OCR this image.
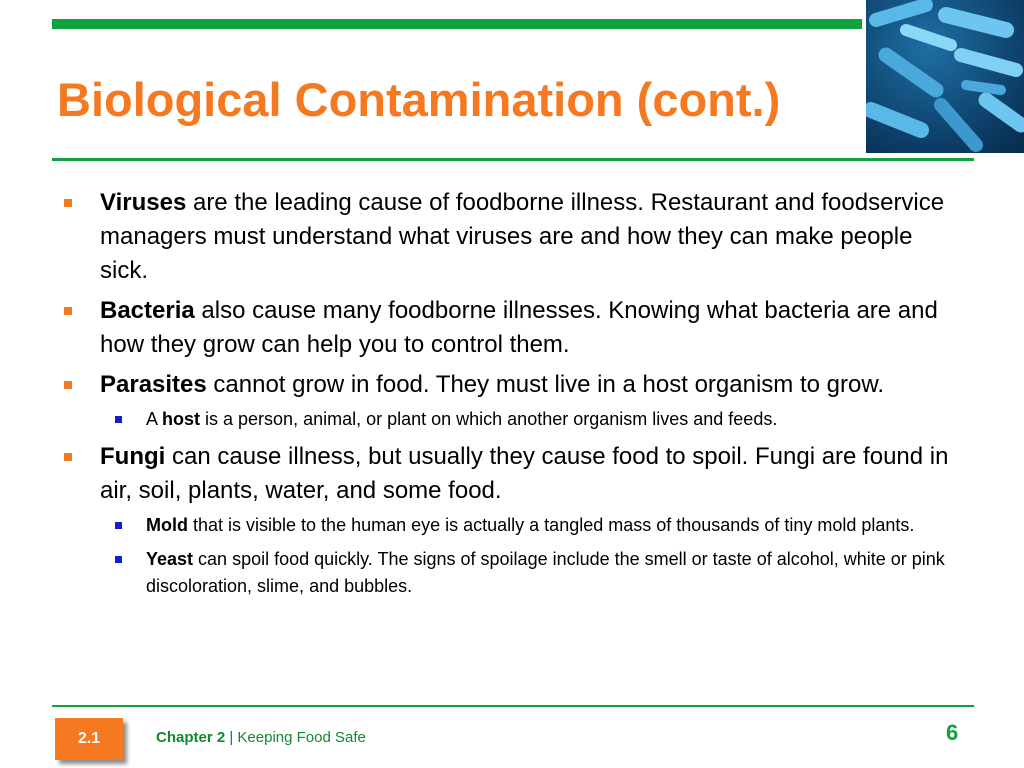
Biological Contamination (cont.)
Viruses are the leading cause of foodborne illness. Restaurant and foodservice managers must understand what viruses are and how they can make people sick.
Bacteria also cause many foodborne illnesses. Knowing what bacteria are and how they grow can help you to control them.
Parasites cannot grow in food. They must live in a host organism to grow.
A host is a person, animal, or plant on which another organism lives and feeds.
Fungi can cause illness, but usually they cause food to spoil. Fungi are found in air, soil, plants, water, and some food.
Mold that is visible to the human eye is actually a tangled mass of thousands of tiny mold plants.
Yeast can spoil food quickly. The signs of spoilage include the smell or taste of alcohol, white or pink discoloration, slime, and bubbles.
2.1	Chapter 2 | Keeping Food Safe	6
